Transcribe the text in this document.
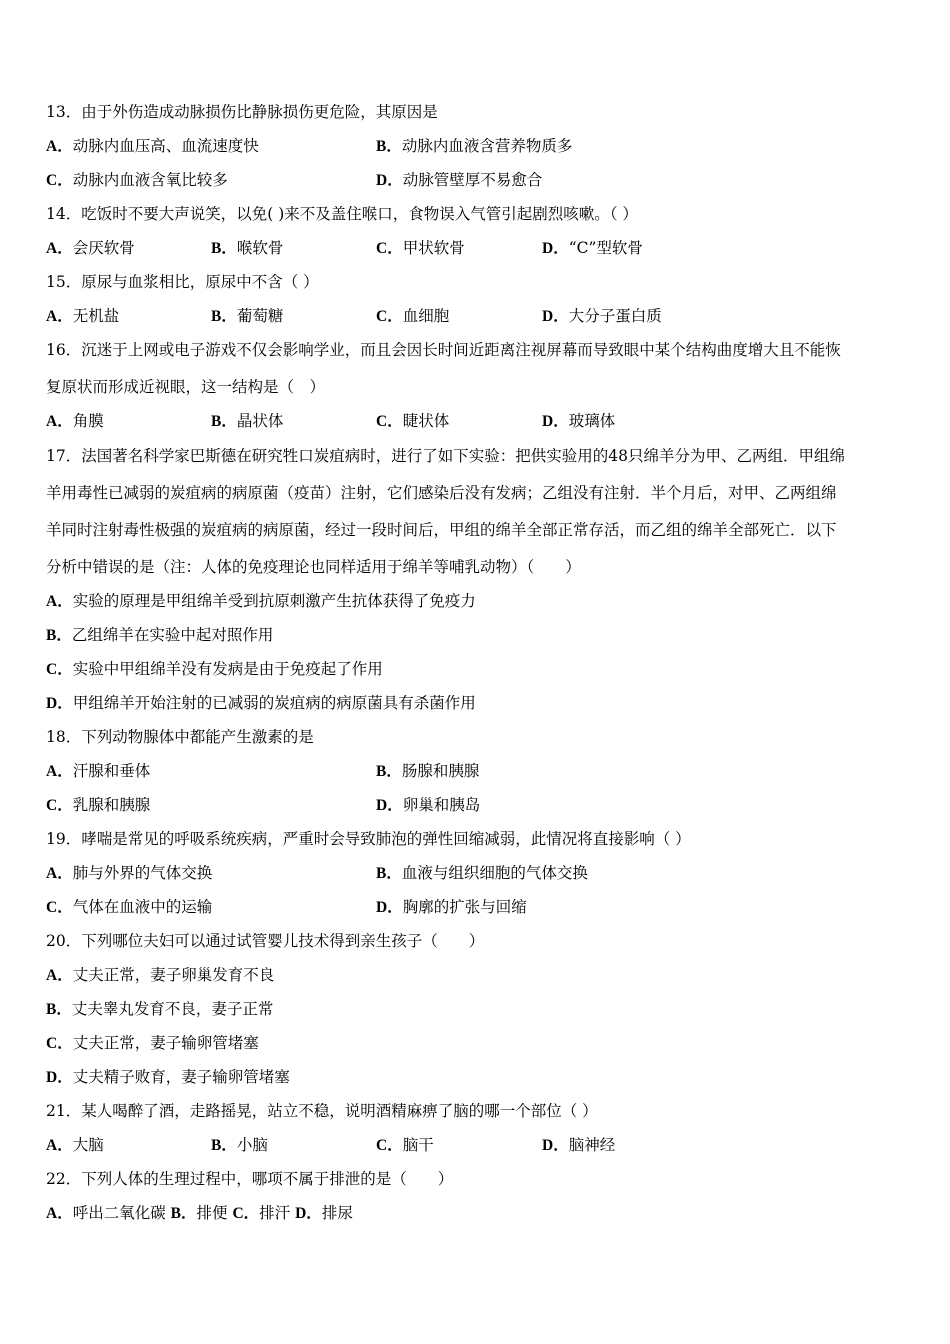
13．由于外伤造成动脉损伤比静脉损伤更危险，其原因是
A．动脉内血压高、血流速度快	B．动脉内血液含营养物质多
C．动脉内血液含氧比较多	D．动脉管壁厚不易愈合
14．吃饭时不要大声说笑，以免( )来不及盖住喉口，食物误入气管引起剧烈咳嗽。（ ）
A．会厌软骨	B．喉软骨	C．甲状软骨	D．“C”型软骨
15．原尿与血浆相比，原尿中不含（ ）
A．无机盐	B．葡萄糖	C．血细胞	D．大分子蛋白质
16．沉迷于上网或电子游戏不仅会影响学业，而且会因长时间近距离注视屏幕而导致眼中某个结构曲度增大且不能恢
复原状而形成近视眼，这一结构是（　）
A．角膜	B．晶状体	C．睫状体	D．玻璃体
17．法国著名科学家巴斯德在研究牲口炭疽病时，进行了如下实验：把供实验用的48只绵羊分为甲、乙两组．甲组绵
羊用毒性已减弱的炭疽病的病原菌（疫苗）注射，它们感染后没有发病；乙组没有注射．半个月后，对甲、乙两组绵
羊同时注射毒性极强的炭疽病的病原菌，经过一段时间后，甲组的绵羊全部正常存活，而乙组的绵羊全部死亡．以下
分析中错误的是（注：人体的免疫理论也同样适用于绵羊等哺乳动物）（　　）
A．实验的原理是甲组绵羊受到抗原刺激产生抗体获得了免疫力
B．乙组绵羊在实验中起对照作用
C．实验中甲组绵羊没有发病是由于免疫起了作用
D．甲组绵羊开始注射的已减弱的炭疽病的病原菌具有杀菌作用
18．下列动物腺体中都能产生激素的是
A．汗腺和垂体	B．肠腺和胰腺
C．乳腺和胰腺	D．卵巢和胰岛
19．哮喘是常见的呼吸系统疾病，严重时会导致肺泡的弹性回缩减弱，此情况将直接影响（ ）
A．肺与外界的气体交换	B．血液与组织细胞的气体交换
C．气体在血液中的运输	D．胸廓的扩张与回缩
20．下列哪位夫妇可以通过试管婴儿技术得到亲生孩子（　　）
A．丈夫正常，妻子卵巢发育不良
B．丈夫睾丸发育不良，妻子正常
C．丈夫正常，妻子输卵管堵塞
D．丈夫精子败育，妻子输卵管堵塞
21．某人喝醉了酒，走路摇晃，站立不稳，说明酒精麻痹了脑的哪一个部位（ ）
A．大脑	B．小脑	C．脑干	D．脑神经
22．下列人体的生理过程中，哪项不属于排泄的是（　　）
A．呼出二氧化碳 B．排便 C．排汗 D．排尿
